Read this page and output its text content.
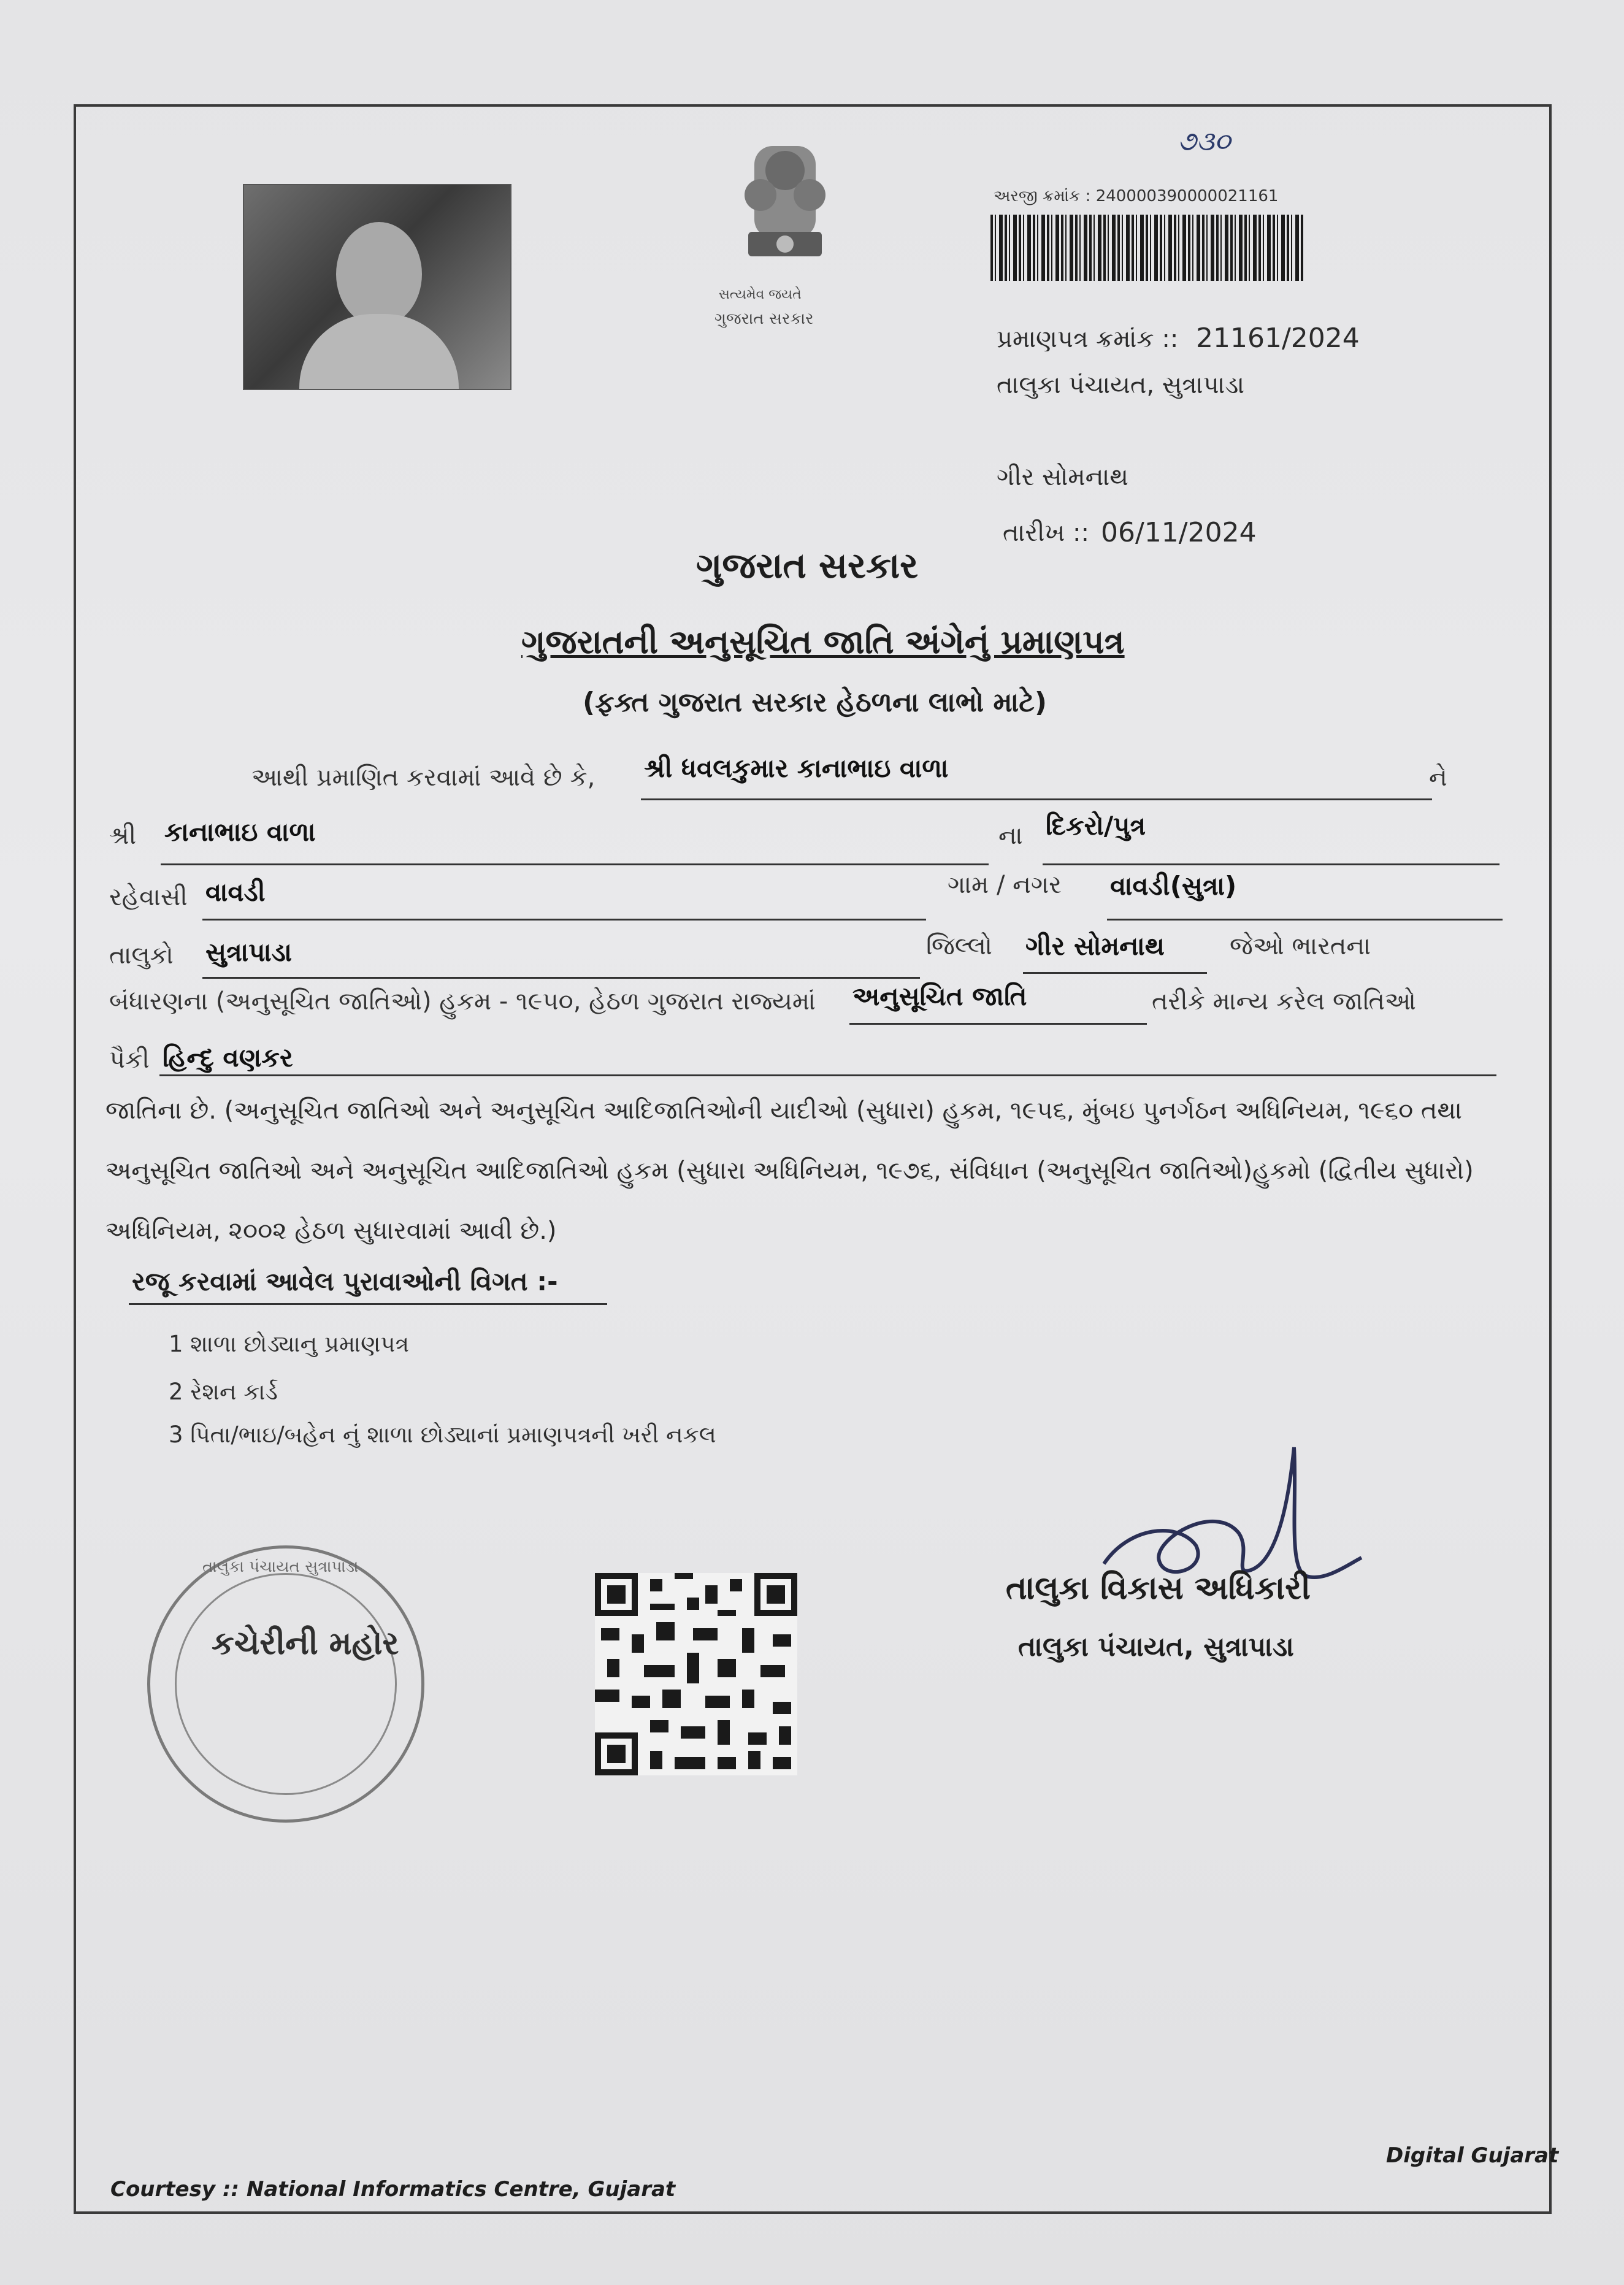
સત્યમેવ જયતે
ગુજરાત સરકાર
૭૩૦
અરજી ક્રમાંક : 2400003900000211​61
પ્રમાણપત્ર ક્રમાંક :: 21161/2024
તાલુકા પંચાયત, સુત્રાપાડા
ગીર સોમનાથ
તારીખ :: 06/11/2024
ગુજરાત સરકાર
ગુજરાતની અનુસૂચિત જાતિ અંગેનું પ્રમાણપત્ર
(ફક્ત ગુજરાત સરકાર હેઠળના લાભો માટે)
આથી પ્રમાણિત કરવામાં આવે છે કે, શ્રી ધવલકુમાર કાનાભાઇ વાળા	ને
શ્રી કાનાભાઇ વાળા	ના દિકરો/પુત્ર
રહેવાસી વાવડી	ગામ / નગર વાવડી(સુત્રા)
તાલુકો સુત્રાપાડા	જિલ્લો ગીર સોમનાથ	જેઓ ભારતના
બંધારણના (અનુસૂચિત જાતિઓ) હુકમ - ૧૯૫૦, હેઠળ ગુજરાત રાજ્યમાં અનુસૂચિત જાતિ	તરીકે માન્ય કરેલ જાતિઓ
પૈકી હિન્દુ વણકર
જાતિના છે. (અનુસૂચિત જાતિઓ અને અનુસૂચિત આદિજાતિઓની યાદીઓ (સુધારા) હુકમ, ૧૯૫૬, મુંબઇ પુનર્ગઠન અધિનિયમ, ૧૯૬૦ તથા અનુસૂચિત જાતિઓ અને અનુસૂચિત આદિજાતિઓ હુકમ (સુધારા અધિનિયમ, ૧૯૭૬, સંવિધાન (અનુસૂચિત જાતિઓ)હુકમો (દ્વિતીય સુધારો) અધિનિયમ, ૨૦૦૨ હેઠળ સુધારવામાં આવી છે.)
રજૂ કરવામાં આવેલ પુરાવાઓની વિગત :-
1 શાળા છોડ્યાનુ પ્રમાણપત્ર
2 રેશન કાર્ડ
3 પિતા/ભાઇ/બહેન નું શાળા છોડ્યાનાં પ્રમાણપત્રની ખરી નકલ
તાલુકા પંચાયત સુત્રાપાડા
કચેરીની મહોર
તાલુકા વિકાસ અધિકારી
તાલુકા પંચાયત, સુત્રાપાડા
Digital Gujarat
Courtesy :: National Informatics Centre, Gujarat
